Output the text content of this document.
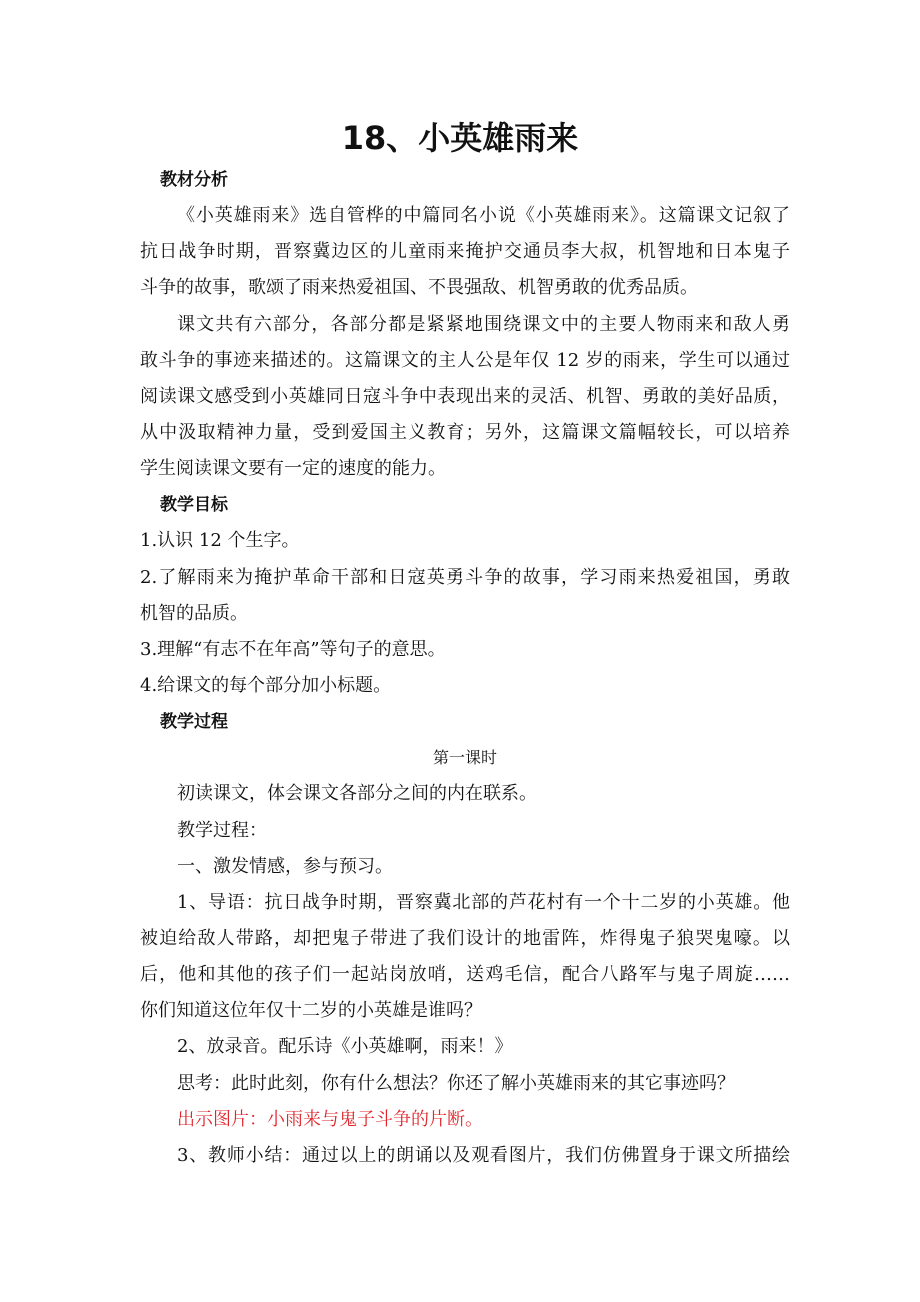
18、小英雄雨来
教材分析
《小英雄雨来》选自管桦的中篇同名小说《小英雄雨来》。这篇课文记叙了
抗日战争时期，晋察冀边区的儿童雨来掩护交通员李大叔，机智地和日本鬼子
斗争的故事，歌颂了雨来热爱祖国、不畏强敌、机智勇敢的优秀品质。
课文共有六部分，各部分都是紧紧地围绕课文中的主要人物雨来和敌人勇
敢斗争的事迹来描述的。这篇课文的主人公是年仅 12 岁的雨来，学生可以通过
阅读课文感受到小英雄同日寇斗争中表现出来的灵活、机智、勇敢的美好品质，
从中汲取精神力量，受到爱国主义教育；另外，这篇课文篇幅较长，可以培养
学生阅读课文要有一定的速度的能力。
教学目标
1.认识 12 个生字。
2.了解雨来为掩护革命干部和日寇英勇斗争的故事，学习雨来热爱祖国，勇敢
机智的品质。
3.理解“有志不在年高”等句子的意思。
4.给课文的每个部分加小标题。
教学过程
第一课时
初读课文，体会课文各部分之间的内在联系。
教学过程：
一、激发情感，参与预习。
1、导语：抗日战争时期，晋察冀北部的芦花村有一个十二岁的小英雄。他
被迫给敌人带路，却把鬼子带进了我们设计的地雷阵，炸得鬼子狼哭鬼嚎。以
后，他和其他的孩子们一起站岗放哨，送鸡毛信，配合八路军与鬼子周旋……
你们知道这位年仅十二岁的小英雄是谁吗？
2、放录音。配乐诗《小英雄啊，雨来！》
思考：此时此刻，你有什么想法？你还了解小英雄雨来的其它事迹吗？
出示图片：小雨来与鬼子斗争的片断。
3、教师小结：通过以上的朗诵以及观看图片，我们仿佛置身于课文所描绘
